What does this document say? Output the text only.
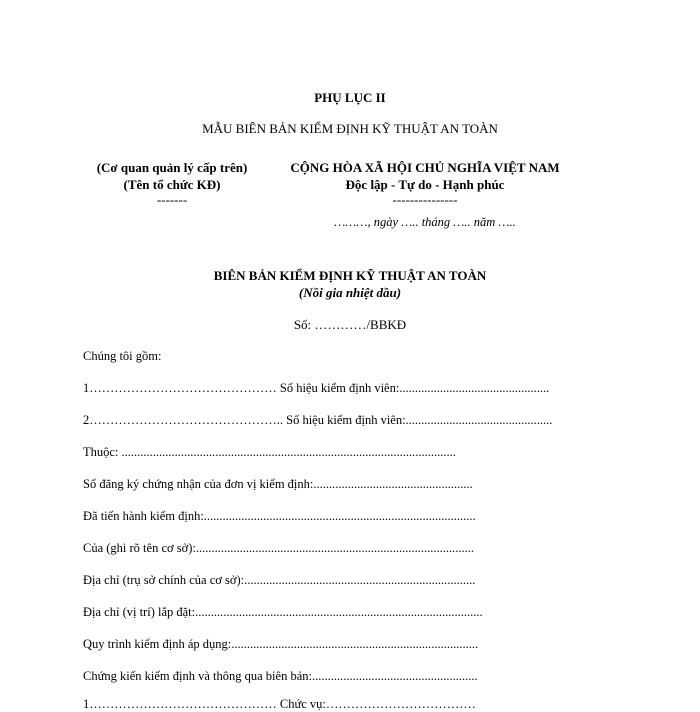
PHỤ LỤC II
MẪU BIÊN BẢN KIỂM ĐỊNH KỸ THUẬT AN TOÀN
(Cơ quan quản lý cấp trên)
(Tên tổ chức KĐ)
-------
CỘNG HÒA XÃ HỘI CHỦ NGHĨA VIỆT NAM
Độc lập - Tự do - Hạnh phúc
---------------
………, ngày ….. tháng ….. năm …..
BIÊN BẢN KIỂM ĐỊNH KỸ THUẬT AN TOÀN
(Nồi gia nhiệt dầu)
Số: …………/BBKĐ
Chúng tôi gồm:
1……………………………………… Số hiệu kiểm định viên:................................................
2……………………………………….. Số hiệu kiểm định viên:...............................................
Thuộc: ...........................................................................................................
Số đăng ký chứng nhận của đơn vị kiểm định:...................................................
Đã tiến hành kiểm định:.......................................................................................
Của (ghi rõ tên cơ sở):.........................................................................................
Địa chỉ (trụ sở chính của cơ sở):..........................................................................
Địa chỉ (vị trí) lắp đặt:............................................................................................
Quy trình kiểm định áp dụng:...............................................................................
Chứng kiến kiểm định và thông qua biên bản:.....................................................
1……………………………………… Chức vụ:………………………………
